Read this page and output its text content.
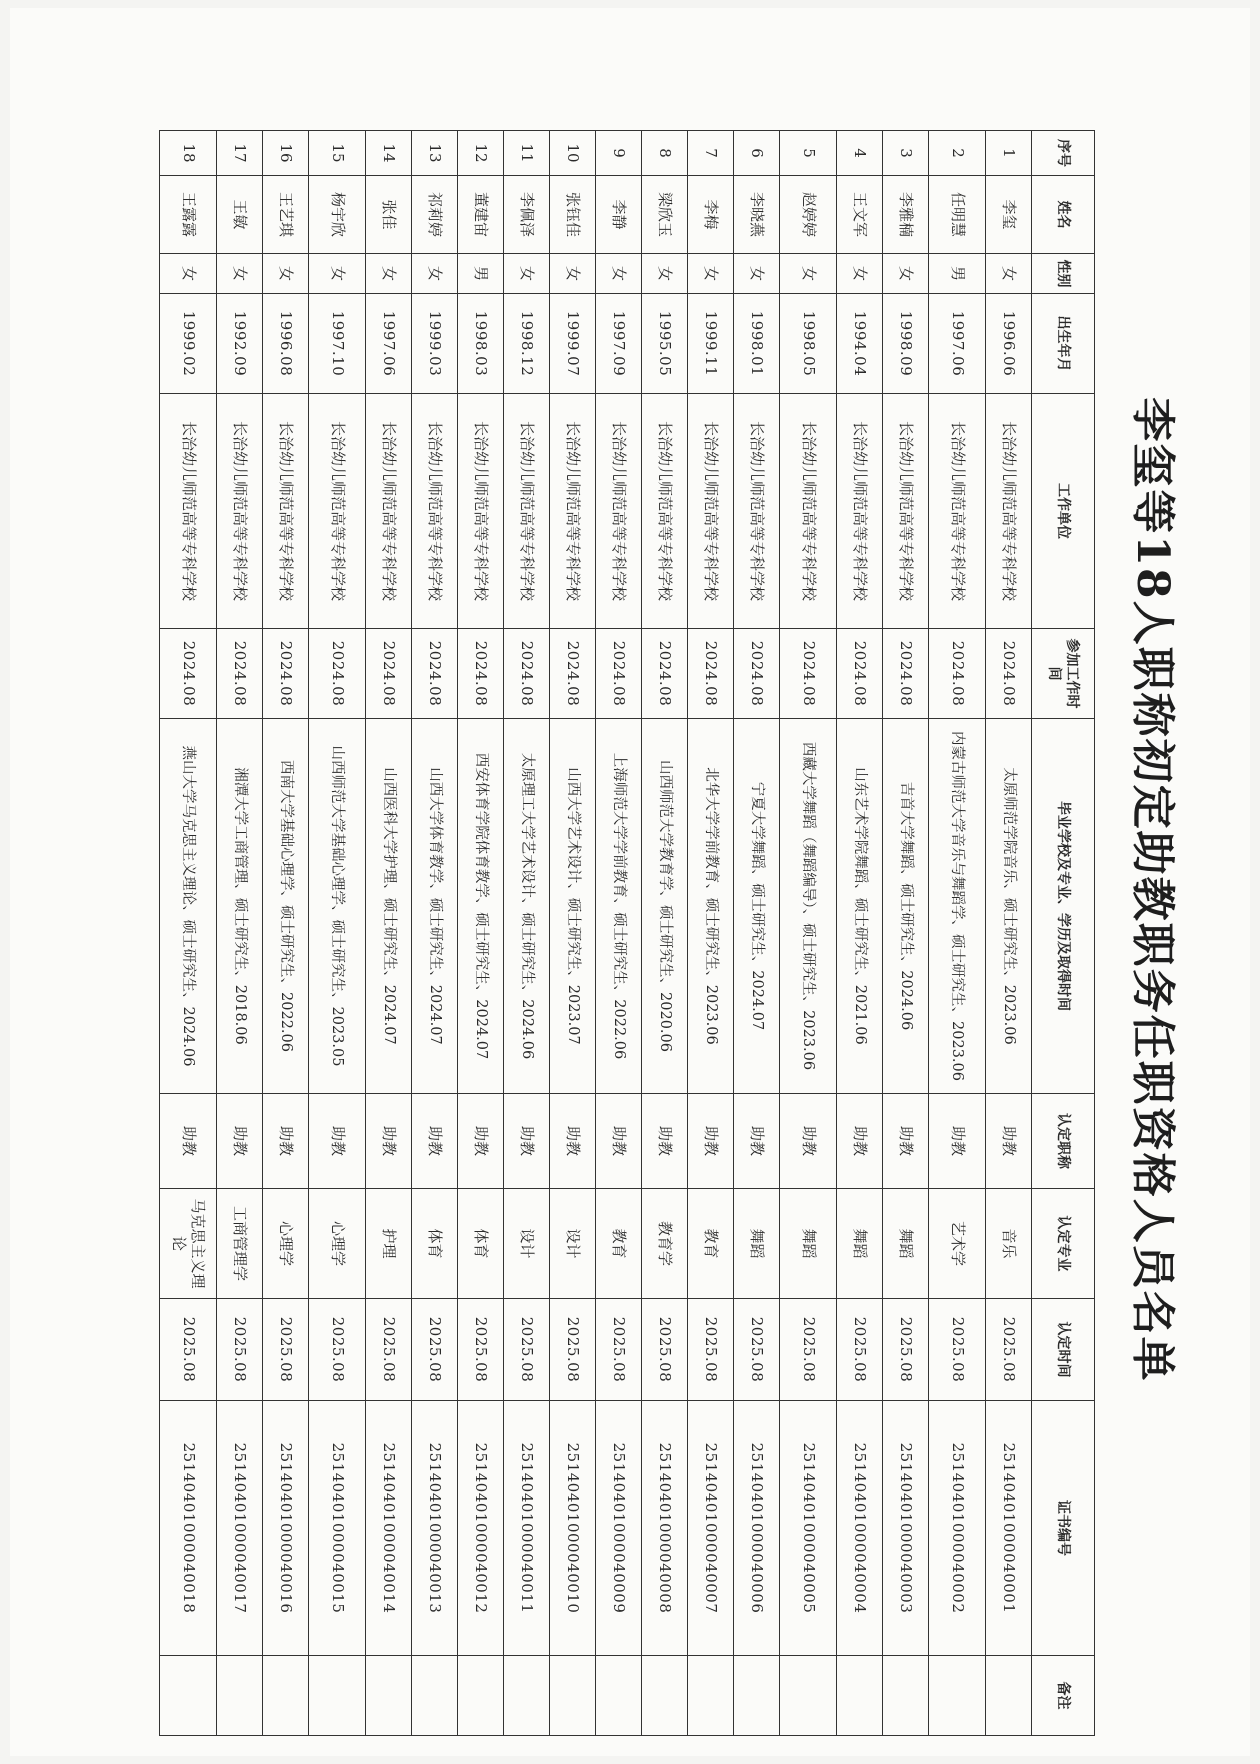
李玺等18人职称初定助教职务任职资格人员名单
序号	姓名	性别	出生年月	工作单位	参加工作时间	毕业学校及专业、学历及取得时间	认定职称	认定专业	认定时间	证书编号	备注
1	李玺	女	1996.06	长治幼儿师范高等专科学校	2024.08	太原师范学院音乐、硕士研究生、2023.06	助教	音乐	2025.08	25140401000040001	
2	任明慧	男	1997.06	长治幼儿师范高等专科学校	2024.08	内蒙古师范大学音乐与舞蹈学、硕士研究生、2023.06	助教	艺术学	2025.08	25140401000040002	
3	李雅楠	女	1998.09	长治幼儿师范高等专科学校	2024.08	吉首大学舞蹈、硕士研究生、2024.06	助教	舞蹈	2025.08	25140401000040003	
4	王文军	女	1994.04	长治幼儿师范高等专科学校	2024.08	山东艺术学院舞蹈、硕士研究生、2021.06	助教	舞蹈	2025.08	25140401000040004	
5	赵婷婷	女	1998.05	长治幼儿师范高等专科学校	2024.08	西藏大学舞蹈（舞蹈编导）、硕士研究生、2023.06	助教	舞蹈	2025.08	25140401000040005	
6	李晓燕	女	1998.01	长治幼儿师范高等专科学校	2024.08	宁夏大学舞蹈、硕士研究生、2024.07	助教	舞蹈	2025.08	25140401000040006	
7	李梅	女	1999.11	长治幼儿师范高等专科学校	2024.08	北华大学学前教育、硕士研究生、2023.06	助教	教育	2025.08	25140401000040007	
8	梁欣玉	女	1995.05	长治幼儿师范高等专科学校	2024.08	山西师范大学教育学、硕士研究生、2020.06	助教	教育学	2025.08	25140401000040008	
9	李静	女	1997.09	长治幼儿师范高等专科学校	2024.08	上海师范大学学前教育、硕士研究生、2022.06	助教	教育	2025.08	25140401000040009	
10	张钰佳	女	1999.07	长治幼儿师范高等专科学校	2024.08	山西大学艺术设计、硕士研究生、2023.07	助教	设计	2025.08	25140401000040010	
11	李佩泽	女	1998.12	长治幼儿师范高等专科学校	2024.08	太原理工大学艺术设计、硕士研究生、2024.06	助教	设计	2025.08	25140401000040011	
12	董建宙	男	1998.03	长治幼儿师范高等专科学校	2024.08	西安体育学院体育教学、硕士研究生、2024.07	助教	体育	2025.08	25140401000040012	
13	祁莉婷	女	1999.03	长治幼儿师范高等专科学校	2024.08	山西大学体育教学、硕士研究生、2024.07	助教	体育	2025.08	25140401000040013	
14	张佳	女	1997.06	长治幼儿师范高等专科学校	2024.08	山西医科大学护理、硕士研究生、2024.07	助教	护理	2025.08	25140401000040014	
15	杨宇欣	女	1997.10	长治幼儿师范高等专科学校	2024.08	山西师范大学基础心理学、硕士研究生、2023.05	助教	心理学	2025.08	25140401000040015	
16	王艺琪	女	1996.08	长治幼儿师范高等专科学校	2024.08	西南大学基础心理学、硕士研究生、2022.06	助教	心理学	2025.08	25140401000040016	
17	王敏	女	1992.09	长治幼儿师范高等专科学校	2024.08	湘潭大学工商管理、硕士研究生、2018.06	助教	工商管理学	2025.08	25140401000040017	
18	王露露	女	1999.02	长治幼儿师范高等专科学校	2024.08	燕山大学马克思主义理论、硕士研究生、2024.06	助教	马克思主义理论	2025.08	25140401000040018	
